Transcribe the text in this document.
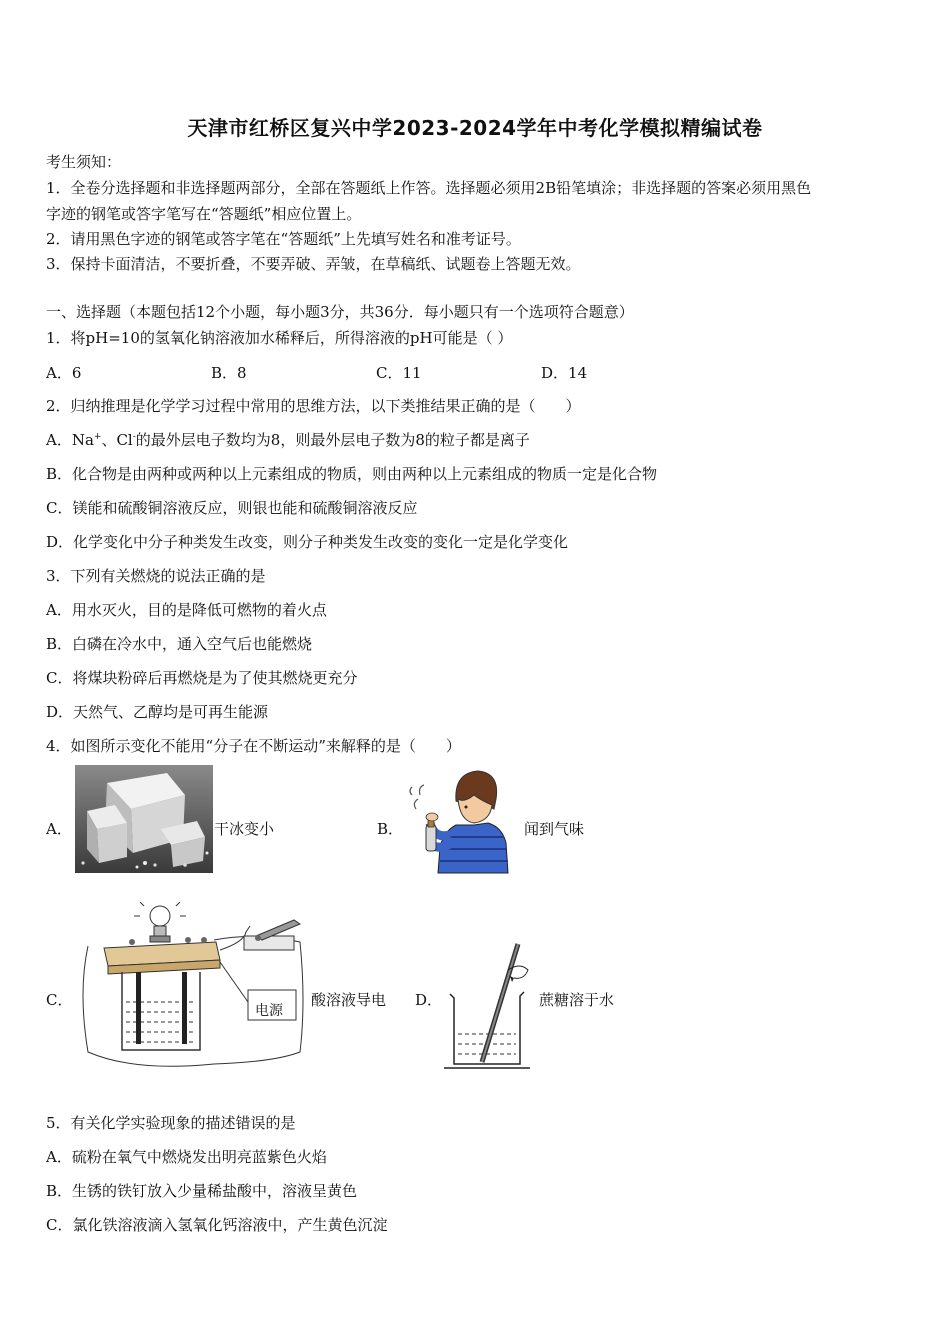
天津市红桥区复兴中学2023-2024学年中考化学模拟精编试卷
考生须知：
1．全卷分选择题和非选择题两部分，全部在答题纸上作答。选择题必须用2B铅笔填涂；非选择题的答案必须用黑色
字迹的钢笔或答字笔写在“答题纸”相应位置上。
2．请用黑色字迹的钢笔或答字笔在“答题纸”上先填写姓名和准考证号。
3．保持卡面清洁，不要折叠，不要弄破、弄皱，在草稿纸、试题卷上答题无效。
一、选择题（本题包括12个小题，每小题3分，共36分．每小题只有一个选项符合题意）
1．将pH=10的氢氧化钠溶液加水稀释后，所得溶液的pH可能是（ ）
A．6	B．8	C．11	D．14
2．归纳推理是化学学习过程中常用的思维方法，以下类推结果正确的是（　　）
A．Na+、Cl-的最外层电子数均为8，则最外层电子数为8的粒子都是离子
B．化合物是由两种或两种以上元素组成的物质，则由两种以上元素组成的物质一定是化合物
C．镁能和硫酸铜溶液反应，则银也能和硫酸铜溶液反应
D．化学变化中分子种类发生改变，则分子种类发生改变的变化一定是化学变化
3．下列有关燃烧的说法正确的是
A．用水灭火，目的是降低可燃物的着火点
B．白磷在冷水中，通入空气后也能燃烧
C．将煤块粉碎后再燃烧是为了使其燃烧更充分
D．天然气、乙醇均是可再生能源
4．如图所示变化不能用“分子在不断运动”来解释的是（　　）
A．	干冰变小	B．	闻到气味
C．
电源
酸溶液导电 D．	蔗糖溶于水
5．有关化学实验现象的描述错误的是
A．硫粉在氧气中燃烧发出明亮蓝紫色火焰
B．生锈的铁钉放入少量稀盐酸中，溶液呈黄色
C．氯化铁溶液滴入氢氧化钙溶液中，产生黄色沉淀
